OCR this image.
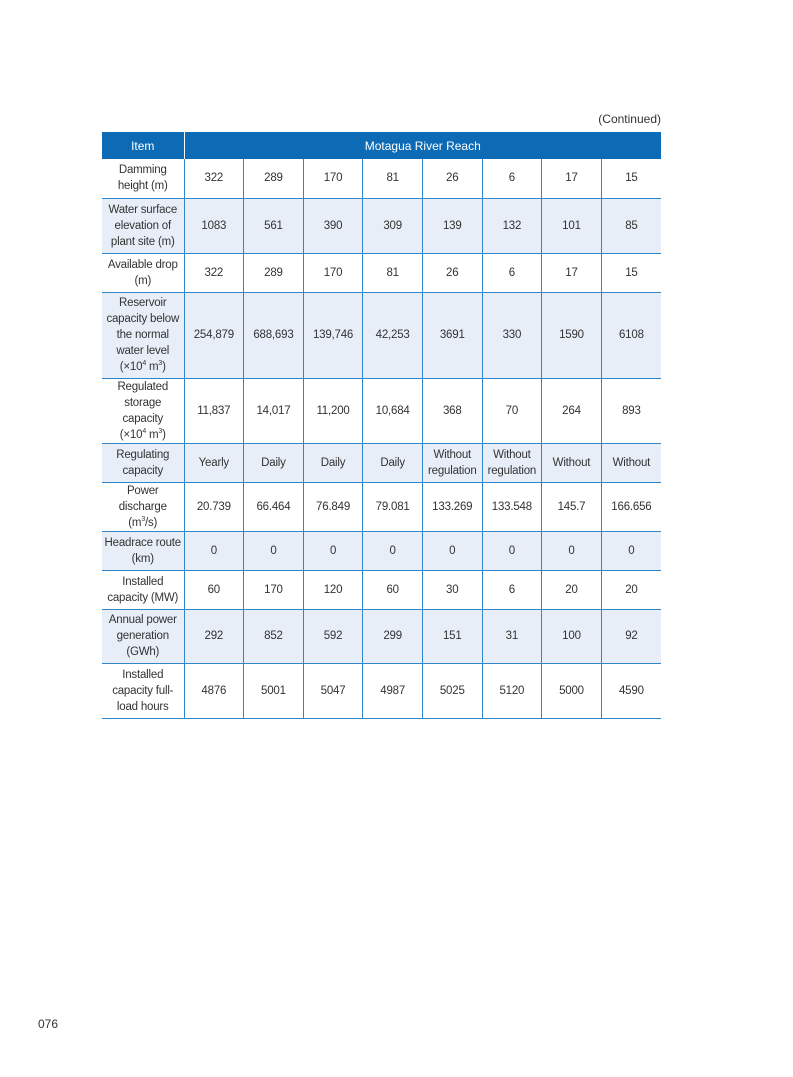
(Continued)
Item	Motagua River Reach							
Damming height (m)	322	289	170	81	26	6	17	15
Water surface elevation of plant site (m)	1083	561	390	309	139	132	101	85
Available drop (m)	322	289	170	81	26	6	17	15
Reservoir capacity below the normal water level
($\times 10^4$ $m^3$)	254,879	688,693	139,746	42,253	3691	330	1590	6108
Regulated storage capacity
($\times 10^4$ $m^3$)	11,837	14,017	11,200	10,684	368	70	264	893
Regulating capacity	Yearly	Daily	Daily	Daily	Without regulation	Without regulation	Without	Without
Power discharge $(m^3/s)$	20.739	66.464	76.849	79.081	133.269	133.548	145.7	166.656
Headrace route (km)	0	0	0	0	0	0	0	0
Installed capacity (MW)	60	170	120	60	30	6	20	20
Annual power generation (GWh)	292	852	592	299	151	31	100	92
Installed capacity full-load hours	4876	5001	5047	4987	5025	5120	5000	4590
076
